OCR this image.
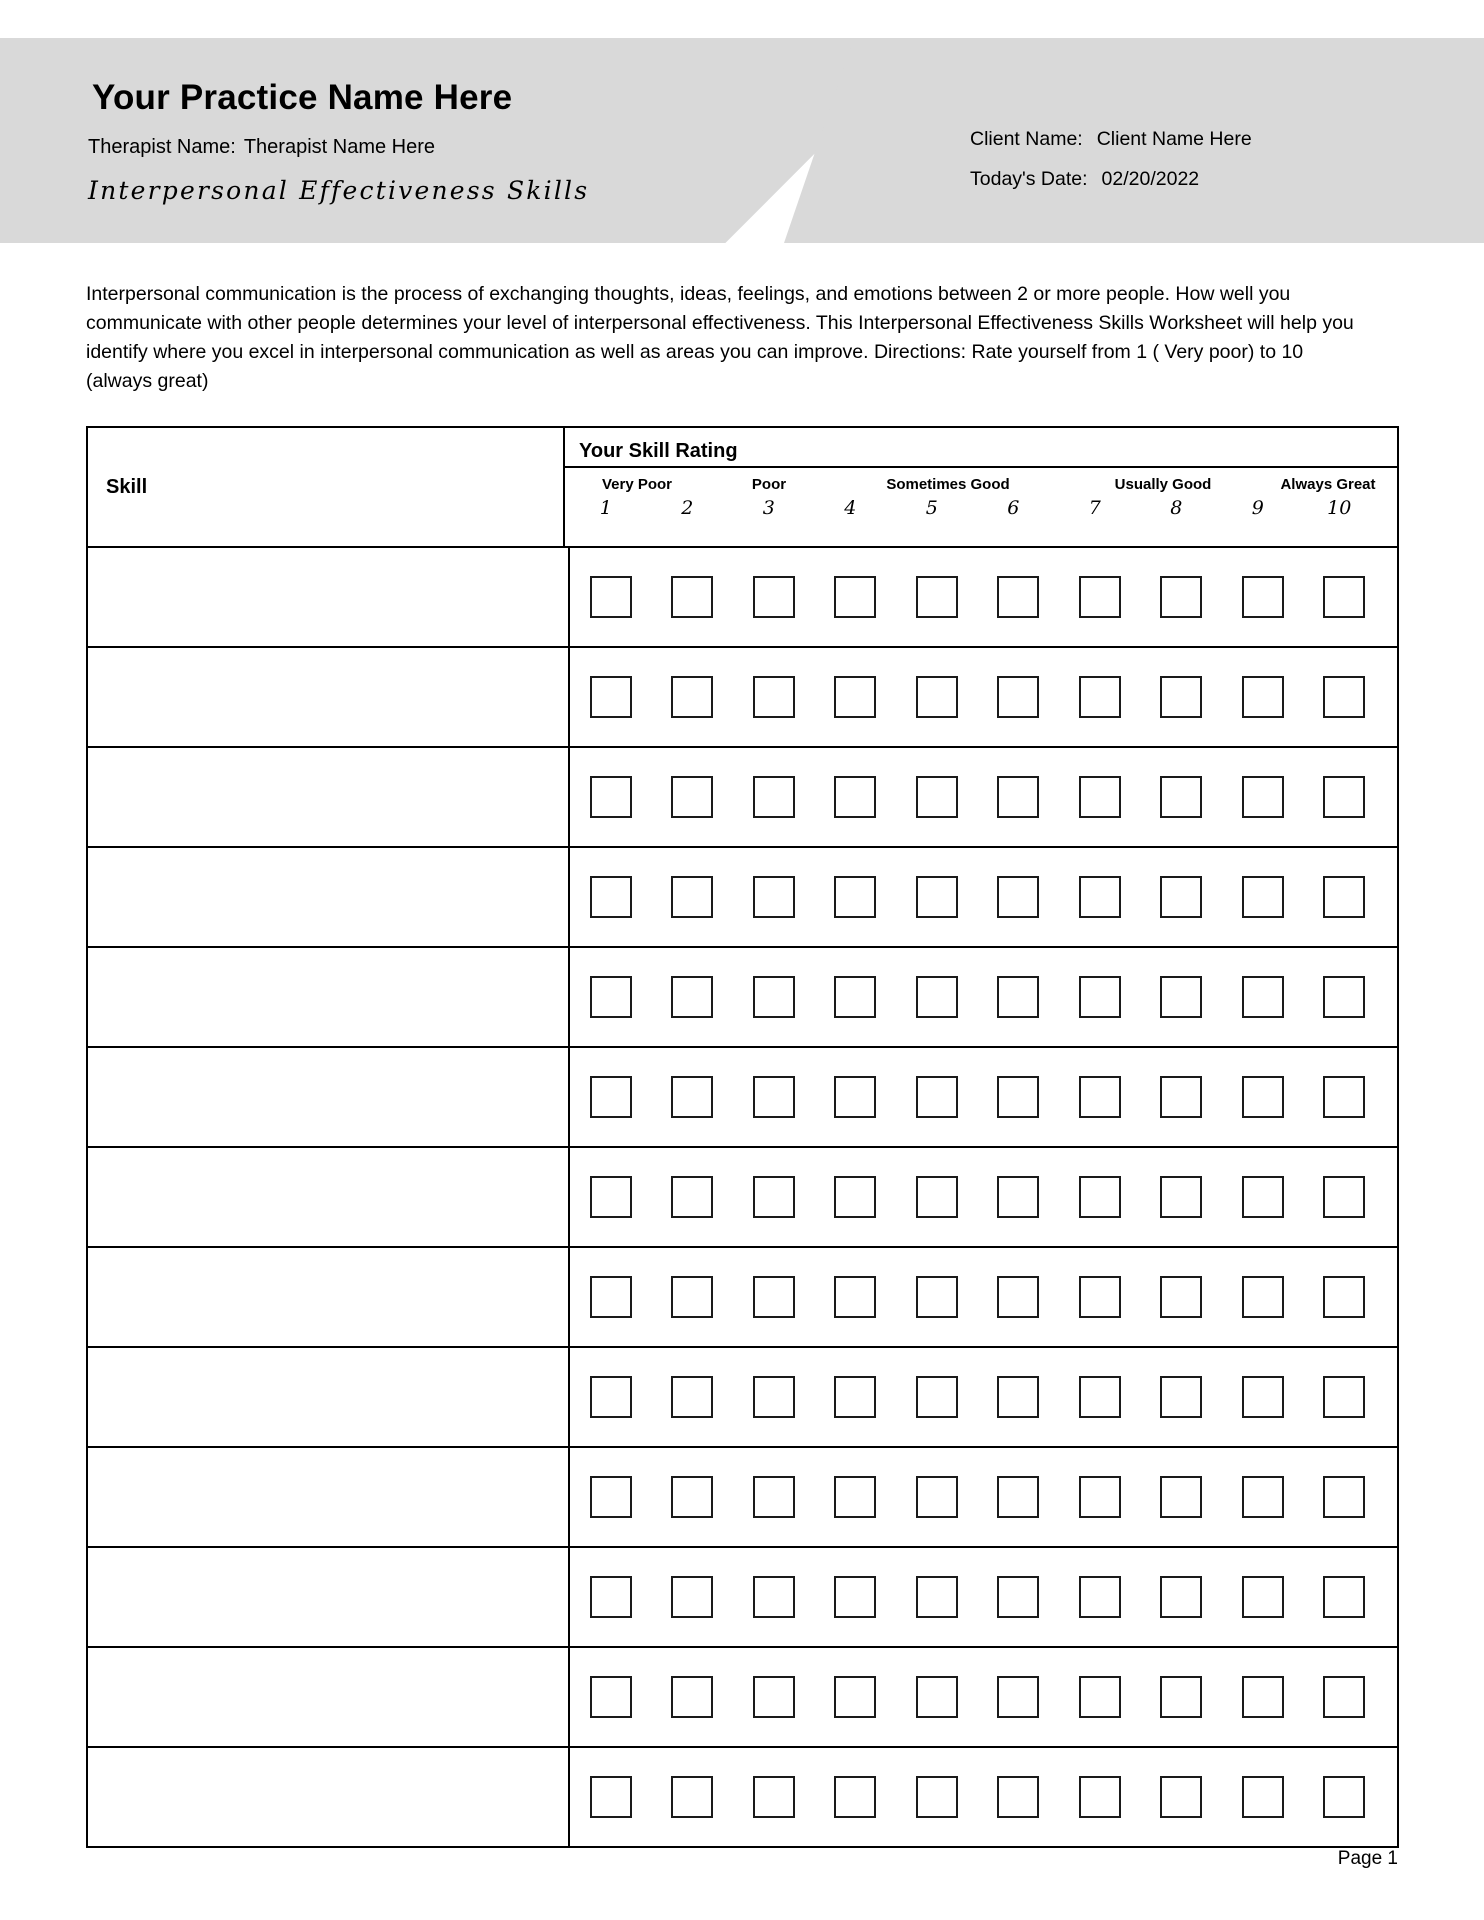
Your Practice Name Here
Therapist Name: Therapist Name Here
Interpersonal Effectiveness Skills
Client Name: Client Name Here
Today's Date: 02/20/2022
Interpersonal communication is the process of exchanging thoughts, ideas, feelings, and emotions between 2 or more people. How well you communicate with other people determines your level of interpersonal effectiveness. This Interpersonal Effectiveness Skills Worksheet will help you identify where you excel in interpersonal communication as well as areas you can improve. Directions: Rate yourself from 1 ( Very poor) to 10 (always great)
Skill
Your Skill Rating
Very Poor	Poor	Sometimes Good	Usually Good	Always Great
1	2	3	4	5	6	7	8	9	10
Page 1
